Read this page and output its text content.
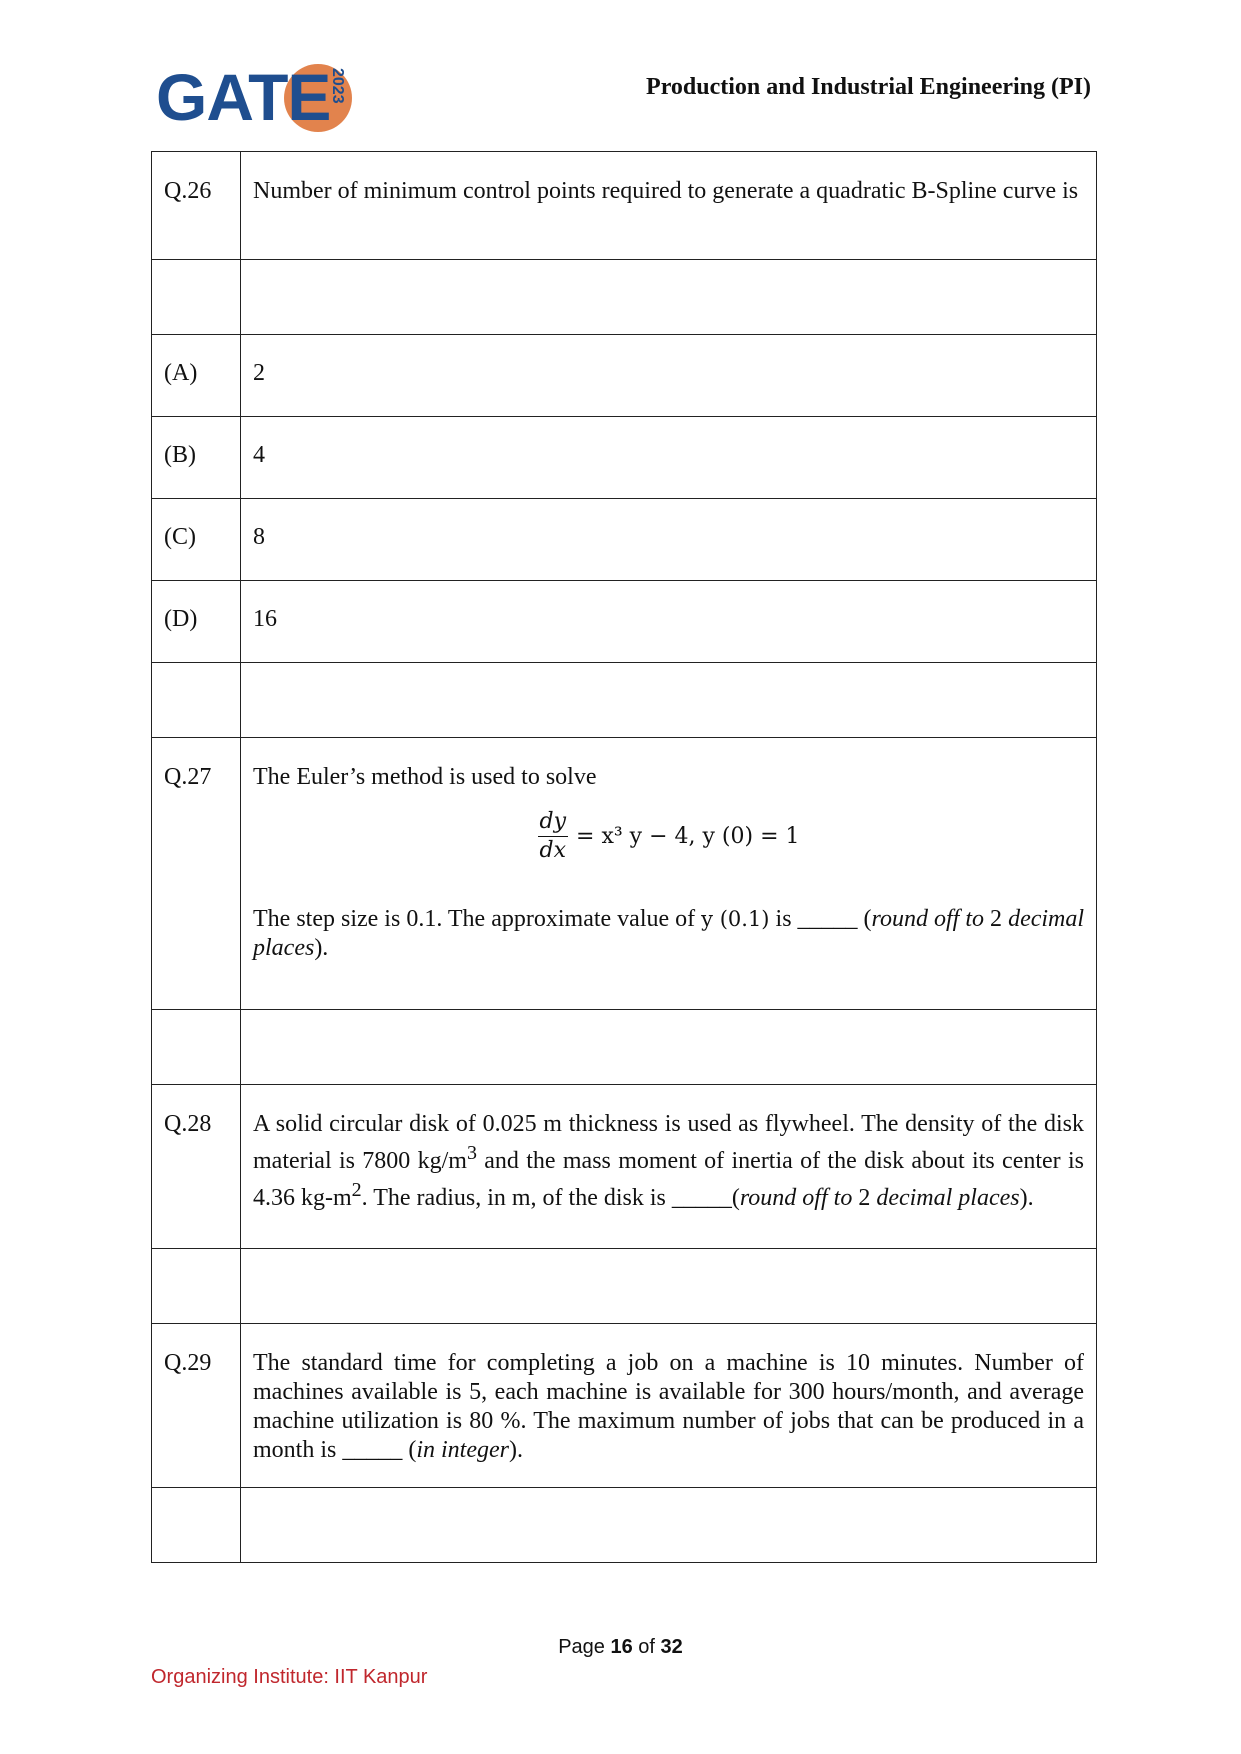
GATE
2023	Production and Industrial Engineering (PI)
Q.26	Number of minimum control points required to generate a quadratic B-Spline curve is

(A)	2
(B)	4
(C)	8
(D)	16

Q.27	The Euler’s method is used to solve
$\frac{dy}{dx} = x^3$ y − 4, y (0) = 1
The step size is 0.1. The approximate value of y (0.1) is _____ (round off to 2 decimal places).

Q.28	A solid circular disk of 0.025 m thickness is used as flywheel. The density of the disk material is 7800 $kg/m^3$ and the mass moment of inertia of the disk about its center is 4.36 $kg-m^2$. The radius, in m, of the disk is _____(round off to 2 decimal places).

Q.29	The standard time for completing a job on a machine is 10 minutes. Number of machines available is 5, each machine is available for 300 hours/month, and average machine utilization is 80 %. The maximum number of jobs that can be produced in a month is _____ (in integer).

Page 16 of 32
Organizing Institute: IIT Kanpur
